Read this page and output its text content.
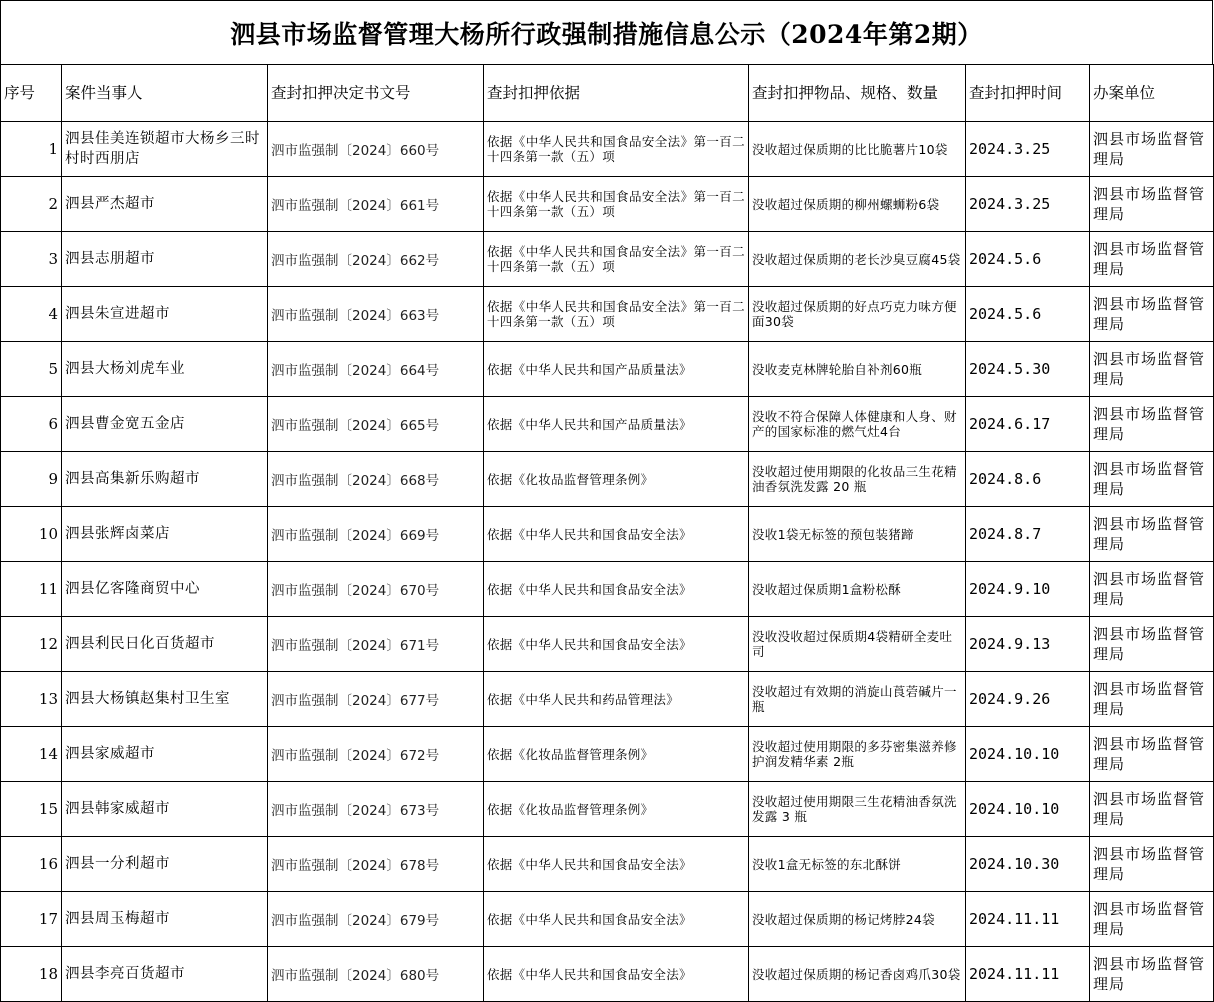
泗县市场监督管理大杨所行政强制措施信息公示（2024年第2期）
序号	案件当事人	查封扣押决定书文号	查封扣押依据	查封扣押物品、规格、数量	查封扣押时间	办案单位
1	泗县佳美连锁超市大杨乡三时村时西朋店	泗市监强制〔2024〕660号	依据《中华人民共和国食品安全法》第一百二十四条第一款（五）项	没收超过保质期的比比脆薯片10袋	2024.3.25	泗县市场监督管理局
2	泗县严杰超市	泗市监强制〔2024〕661号	依据《中华人民共和国食品安全法》第一百二十四条第一款（五）项	没收超过保质期的柳州螺蛳粉6袋	2024.3.25	泗县市场监督管理局
3	泗县志朋超市	泗市监强制〔2024〕662号	依据《中华人民共和国食品安全法》第一百二十四条第一款（五）项	没收超过保质期的老长沙臭豆腐45袋	2024.5.6	泗县市场监督管理局
4	泗县朱宣进超市	泗市监强制〔2024〕663号	依据《中华人民共和国食品安全法》第一百二十四条第一款（五）项	没收超过保质期的好点巧克力味方便面30袋	2024.5.6	泗县市场监督管理局
5	泗县大杨刘虎车业	泗市监强制〔2024〕664号	依据《中华人民共和国产品质量法》	没收麦克林牌轮胎自补剂60瓶	2024.5.30	泗县市场监督管理局
6	泗县曹金宽五金店	泗市监强制〔2024〕665号	依据《中华人民共和国产品质量法》	没收不符合保障人体健康和人身、财产的国家标准的燃气灶4台	2024.6.17	泗县市场监督管理局
9	泗县高集新乐购超市	泗市监强制〔2024〕668号	依据《化妆品监督管理条例》	没收超过使用期限的化妆品三生花精油香氛洗发露 20 瓶	2024.8.6	泗县市场监督管理局
10	泗县张辉卤菜店	泗市监强制〔2024〕669号	依据《中华人民共和国食品安全法》	没收1袋无标签的预包装猪蹄	2024.8.7	泗县市场监督管理局
11	泗县亿客隆商贸中心	泗市监强制〔2024〕670号	依据《中华人民共和国食品安全法》	没收超过保质期1盒粉松酥	2024.9.10	泗县市场监督管理局
12	泗县利民日化百货超市	泗市监强制〔2024〕671号	依据《中华人民共和国食品安全法》	没收没收超过保质期4袋精研全麦吐司	2024.9.13	泗县市场监督管理局
13	泗县大杨镇赵集村卫生室	泗市监强制〔2024〕677号	依据《中华人民共和药品管理法》	没收超过有效期的消旋山莨菪碱片一瓶	2024.9.26	泗县市场监督管理局
14	泗县家威超市	泗市监强制〔2024〕672号	依据《化妆品监督管理条例》	没收超过使用期限的多芬密集滋养修护润发精华素 2瓶	2024.10.10	泗县市场监督管理局
15	泗县韩家威超市	泗市监强制〔2024〕673号	依据《化妆品监督管理条例》	没收超过使用期限三生花精油香氛洗发露 3 瓶	2024.10.10	泗县市场监督管理局
16	泗县一分利超市	泗市监强制〔2024〕678号	依据《中华人民共和国食品安全法》	没收1盒无标签的东北酥饼	2024.10.30	泗县市场监督管理局
17	泗县周玉梅超市	泗市监强制〔2024〕679号	依据《中华人民共和国食品安全法》	没收超过保质期的杨记烤脖24袋	2024.11.11	泗县市场监督管理局
18	泗县李亮百货超市	泗市监强制〔2024〕680号	依据《中华人民共和国食品安全法》	没收超过保质期的杨记香卤鸡爪30袋	2024.11.11	泗县市场监督管理局
